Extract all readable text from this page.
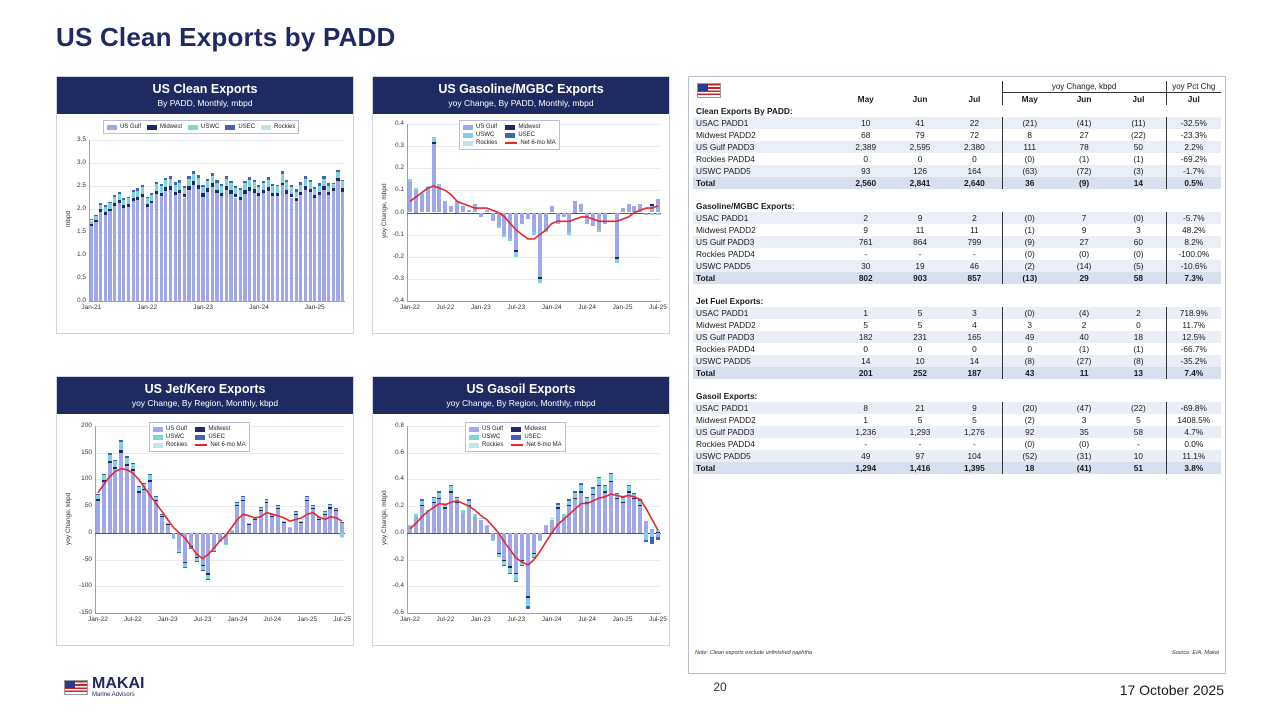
US Clean Exports by PADD
US Clean Exports
By PADD, Monthly, mbpd
3.5
3.0
2.5
2.0
1.5
1.0
0.5
0.0
Jan-21	Jan-22	Jan-23	Jan-24	Jan-25
mbpd
US Gulf	Midwest	USWC	USEC	Rockies
US Gasoline/MGBC Exports
yoy Change, By PADD, Monthly, mbpd
0.4
0.3
0.2
0.1
0.0
-0.1
-0.2
-0.3
-0.4
Jan-22	Jul-22	Jan-23	Jul-23	Jan-24	Jul-24	Jan-25	Jul-25
yoy Change, mbpd
US Gulf
USWC
Rockies
Midwest
USEC
Net 6-mo MA
US Jet/Kero Exports
yoy Change, By Region, Monthly, kbpd
200
150
100
50
0
-50
-100
-150
Jan-22	Jul-22	Jan-23	Jul-23	Jan-24	Jul-24	Jan-25	Jul-25
yoy Change, kbpd
US Gulf
USWC
Rockies
Midwest
USEC
Net 6-mo MA
US Gasoil Exports
yoy Change, By Region, Monthly, mbpd
0.8
0.6
0.4
0.2
0.0
-0.2
-0.4
-0.6
Jan-22	Jul-22	Jan-23	Jul-23	Jan-24	Jul-24	Jan-25	Jul-25
yoy Change, mbpd
US Gulf
USWC
Rockies
Midwest
USEC
Net 6-mo MA
				yoy Change, kbpd			yoy Pct Chg
	May	Jun	Jul	May	Jun	Jul	Jul
Clean Exports By PADD:							
USAC PADD1	10	41	22	(21)	(41)	(11)	-32.5%
Midwest PADD2	68	79	72	8	27	(22)	-23.3%
US Gulf PADD3	2,389	2,595	2,380	111	78	50	2.2%
Rockies PADD4	0	0	0	(0)	(1)	(1)	-69.2%
USWC PADD5	93	126	164	(63)	(72)	(3)	-1.7%
Total	2,560	2,841	2,640	36	(9)	14	0.5%

Gasoline/MGBC Exports:							
USAC PADD1	2	9	2	(0)	7	(0)	-5.7%
Midwest PADD2	9	11	11	(1)	9	3	48.2%
US Gulf PADD3	761	864	799	(9)	27	60	8.2%
Rockies PADD4	-	-	-	(0)	(0)	(0)	-100.0%
USWC PADD5	30	19	46	(2)	(14)	(5)	-10.6%
Total	802	903	857	(13)	29	58	7.3%

Jet Fuel Exports:							
USAC PADD1	1	5	3	(0)	(4)	2	718.9%
Midwest PADD2	5	5	4	3	2	0	11.7%
US Gulf PADD3	182	231	165	49	40	18	12.5%
Rockies PADD4	0	0	0	0	(1)	(1)	-66.7%
USWC PADD5	14	10	14	(8)	(27)	(8)	-35.2%
Total	201	252	187	43	11	13	7.4%

Gasoil Exports:							
USAC PADD1	8	21	9	(20)	(47)	(22)	-69.8%
Midwest PADD2	1	5	5	(2)	3	5	1408.5%
US Gulf PADD3	1,236	1,293	1,276	92	35	58	4.7%
Rockies PADD4	-	-	-	(0)	(0)	-	0.0%
USWC PADD5	49	97	104	(52)	(31)	10	11.1%
Total	1,294	1,416	1,395	18	(41)	51	3.8%

Note: Clean exports exclude unfinished naphtha	Source: EIA, Makai
MAKAI
Marine Advisors
20	17 October 2025
